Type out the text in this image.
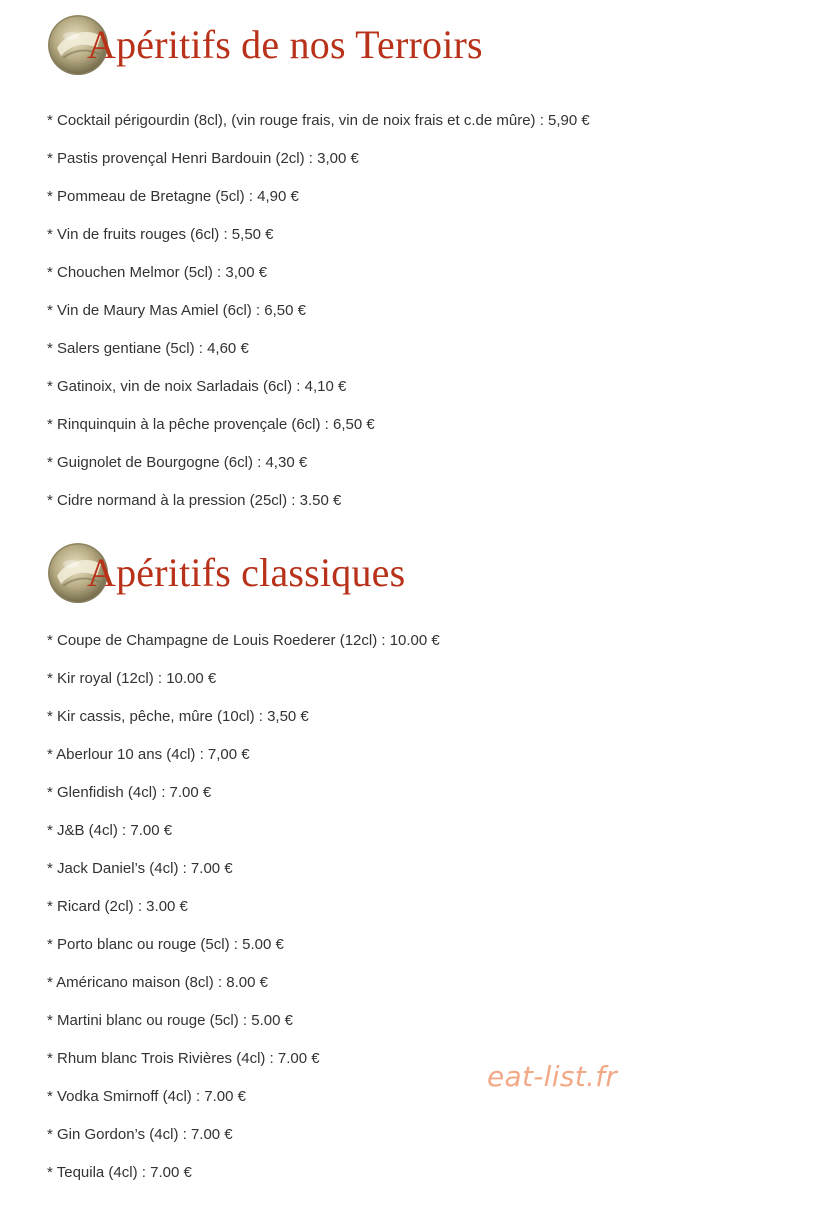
Apéritifs de nos Terroirs
* Cocktail périgourdin (8cl), (vin rouge frais, vin de noix frais et c.de mûre) : 5,90 €
* Pastis provençal Henri Bardouin (2cl) : 3,00 €
* Pommeau de Bretagne (5cl) : 4,90 €
* Vin de fruits rouges (6cl) : 5,50 €
* Chouchen Melmor (5cl) : 3,00 €
* Vin de Maury Mas Amiel (6cl) : 6,50 €
* Salers gentiane (5cl) : 4,60 €
* Gatinoix, vin de noix Sarladais (6cl) : 4,10 €
* Rinquinquin à la pêche provençale (6cl) : 6,50 €
* Guignolet de Bourgogne (6cl) : 4,30 €
* Cidre normand à la pression (25cl) : 3.50 €
Apéritifs classiques
* Coupe de Champagne de Louis Roederer (12cl) : 10.00 €
* Kir royal (12cl) : 10.00 €
* Kir cassis, pêche, mûre (10cl) : 3,50 €
* Aberlour 10 ans (4cl) : 7,00 €
* Glenfidish (4cl) : 7.00 €
* J&B (4cl) : 7.00 €
* Jack Daniel’s (4cl) : 7.00 €
* Ricard (2cl) : 3.00 €
* Porto blanc ou rouge (5cl) : 5.00 €
* Américano maison (8cl) : 8.00 €
* Martini blanc ou rouge (5cl) : 5.00 €
* Rhum blanc Trois Rivières (4cl) : 7.00 €
* Vodka Smirnoff (4cl) : 7.00 €
* Gin Gordon’s (4cl) : 7.00 €
* Tequila (4cl) : 7.00 €
eat-list.fr
